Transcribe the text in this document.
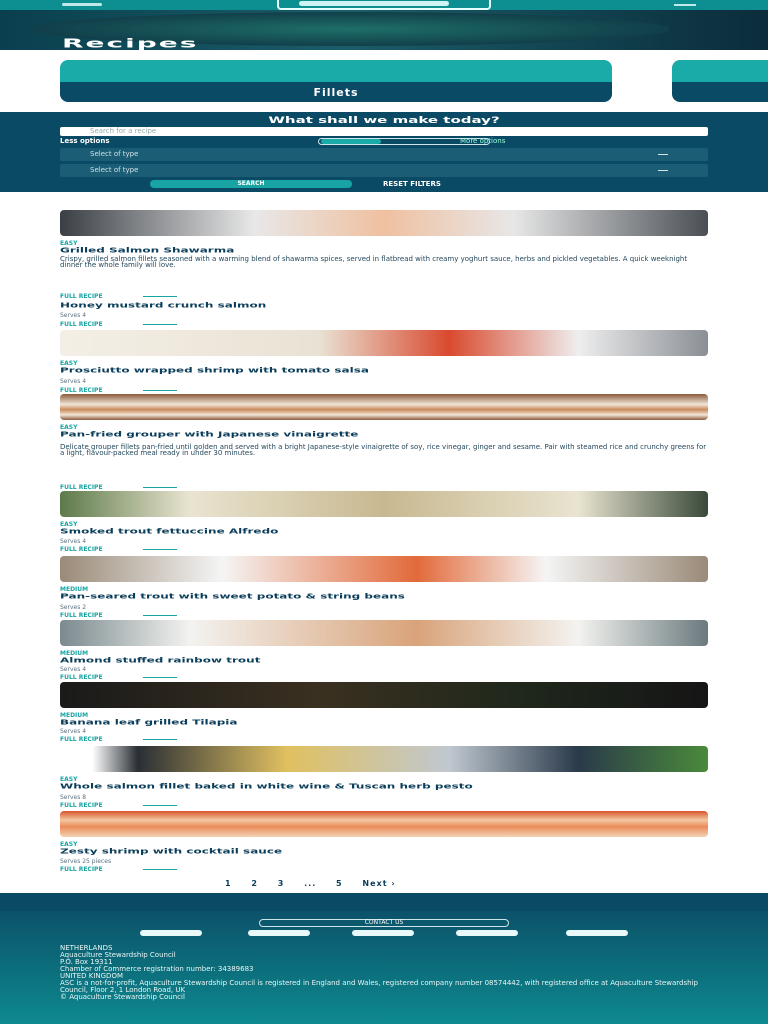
Recipes
Fillets
What shall we make today?
Search for a recipe
Less options	More options
Select of type
Select of type
SEARCH	RESET FILTERS
EASY
Grilled Salmon Shawarma
Crispy, grilled salmon fillets seasoned with a warming blend of shawarma spices, served in flatbread with creamy yoghurt sauce, herbs and pickled vegetables. A quick weeknight dinner the whole family will love.
FULL RECIPE
Honey mustard crunch salmon
Serves 4
FULL RECIPE
EASY
Prosciutto wrapped shrimp with tomato salsa
Serves 4
FULL RECIPE
EASY
Pan-fried grouper with Japanese vinaigrette
Delicate grouper fillets pan-fried until golden and served with a bright Japanese-style vinaigrette of soy, rice vinegar, ginger and sesame. Pair with steamed rice and crunchy greens for a light, flavour-packed meal ready in under 30 minutes.
FULL RECIPE
EASY
Smoked trout fettuccine Alfredo
Serves 4
FULL RECIPE
MEDIUM
Pan-seared trout with sweet potato & string beans
Serves 2
FULL RECIPE
MEDIUM
Almond stuffed rainbow trout
Serves 4
FULL RECIPE
MEDIUM
Banana leaf grilled Tilapia
Serves 4
FULL RECIPE
EASY
Whole salmon fillet baked in white wine & Tuscan herb pesto
Serves 8
FULL RECIPE
EASY
Zesty shrimp with cocktail sauce
Serves 25 pieces
FULL RECIPE
1 2 3 ... 5 Next ›
CONTACT US
NETHERLANDS
Aquaculture Stewardship Council
P.O. Box 19311
Chamber of Commerce registration number: 34389683
UNITED KINGDOM
ASC is a not-for-profit, Aquaculture Stewardship Council is registered in England and Wales, registered company number 08574442, with registered office at Aquaculture Stewardship Council, Floor 2, 1 London Road, UK
© Aquaculture Stewardship Council
